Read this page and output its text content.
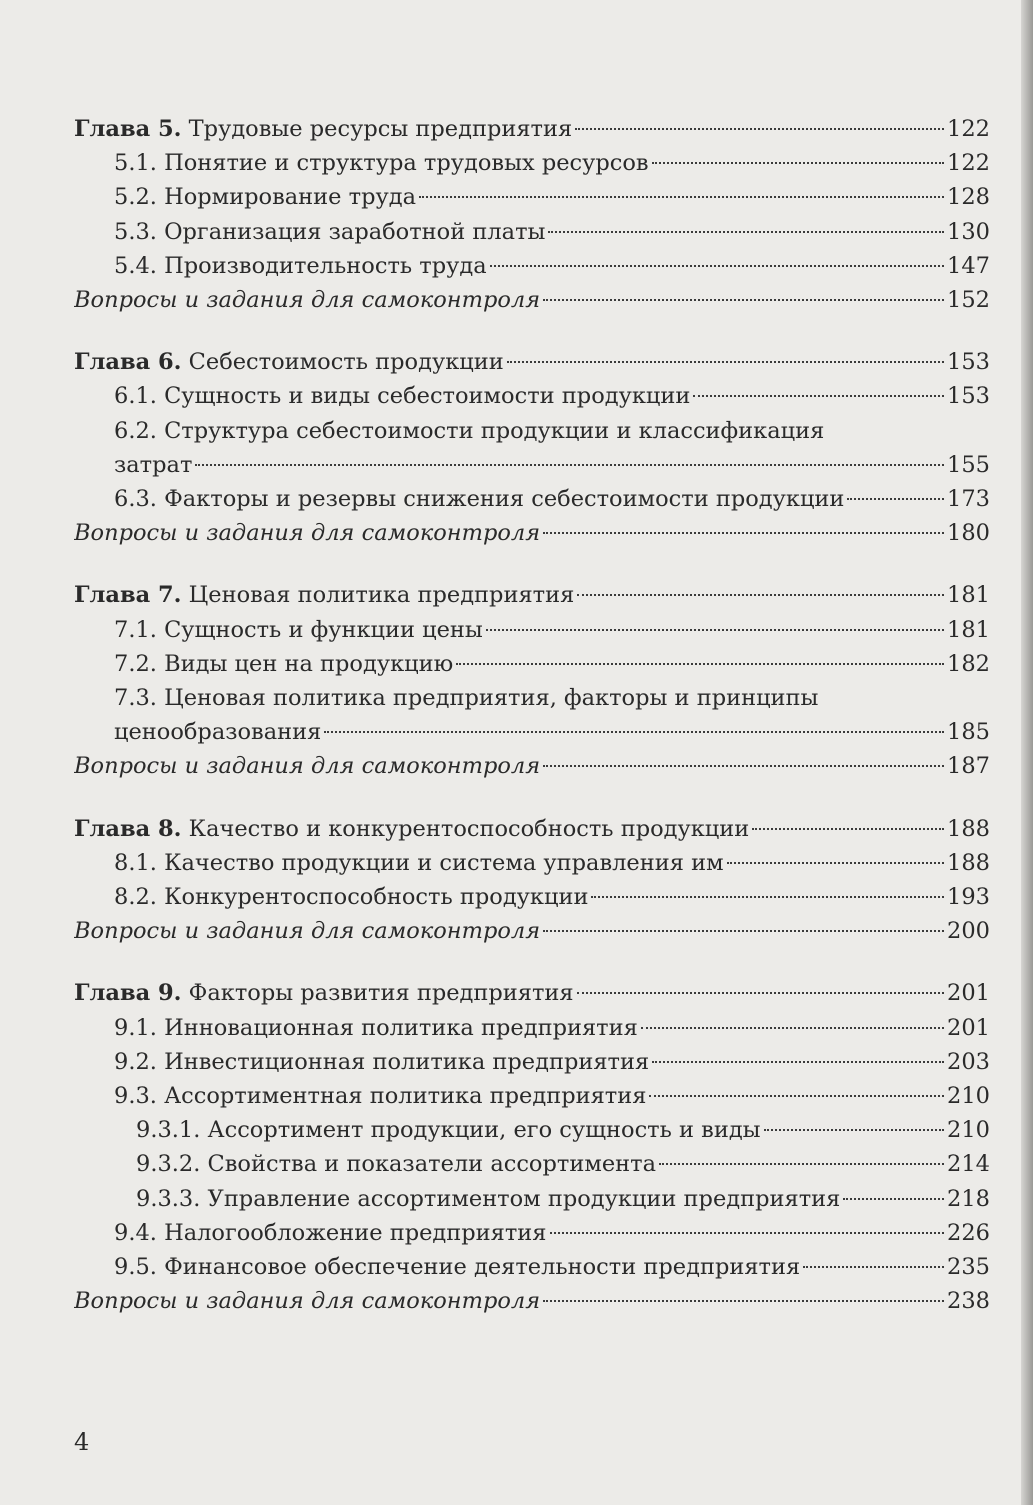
Глава 5. Трудовые ресурсы предприятия	122
5.1. Понятие и структура трудовых ресурсов	122
5.2. Нормирование труда	128
5.3. Организация заработной платы	130
5.4. Производительность труда	147
Вопросы и задания для самоконтроля	152
Глава 6. Себестоимость продукции	153
6.1. Сущность и виды себестоимости продукции	153
6.2. Структура себестоимости продукции и классификация
затрат	155
6.3. Факторы и резервы снижения себестоимости продукции	173
Вопросы и задания для самоконтроля	180
Глава 7. Ценовая политика предприятия	181
7.1. Сущность и функции цены	181
7.2. Виды цен на продукцию	182
7.3. Ценовая политика предприятия, факторы и принципы
ценообразования	185
Вопросы и задания для самоконтроля	187
Глава 8. Качество и конкурентоспособность продукции	188
8.1. Качество продукции и система управления им	188
8.2. Конкурентоспособность продукции	193
Вопросы и задания для самоконтроля	200
Глава 9. Факторы развития предприятия	201
9.1. Инновационная политика предприятия	201
9.2. Инвестиционная политика предприятия	203
9.3. Ассортиментная политика предприятия	210
9.3.1. Ассортимент продукции, его сущность и виды	210
9.3.2. Свойства и показатели ассортимента	214
9.3.3. Управление ассортиментом продукции предприятия	218
9.4. Налогообложение предприятия	226
9.5. Финансовое обеспечение деятельности предприятия	235
Вопросы и задания для самоконтроля	238
4
